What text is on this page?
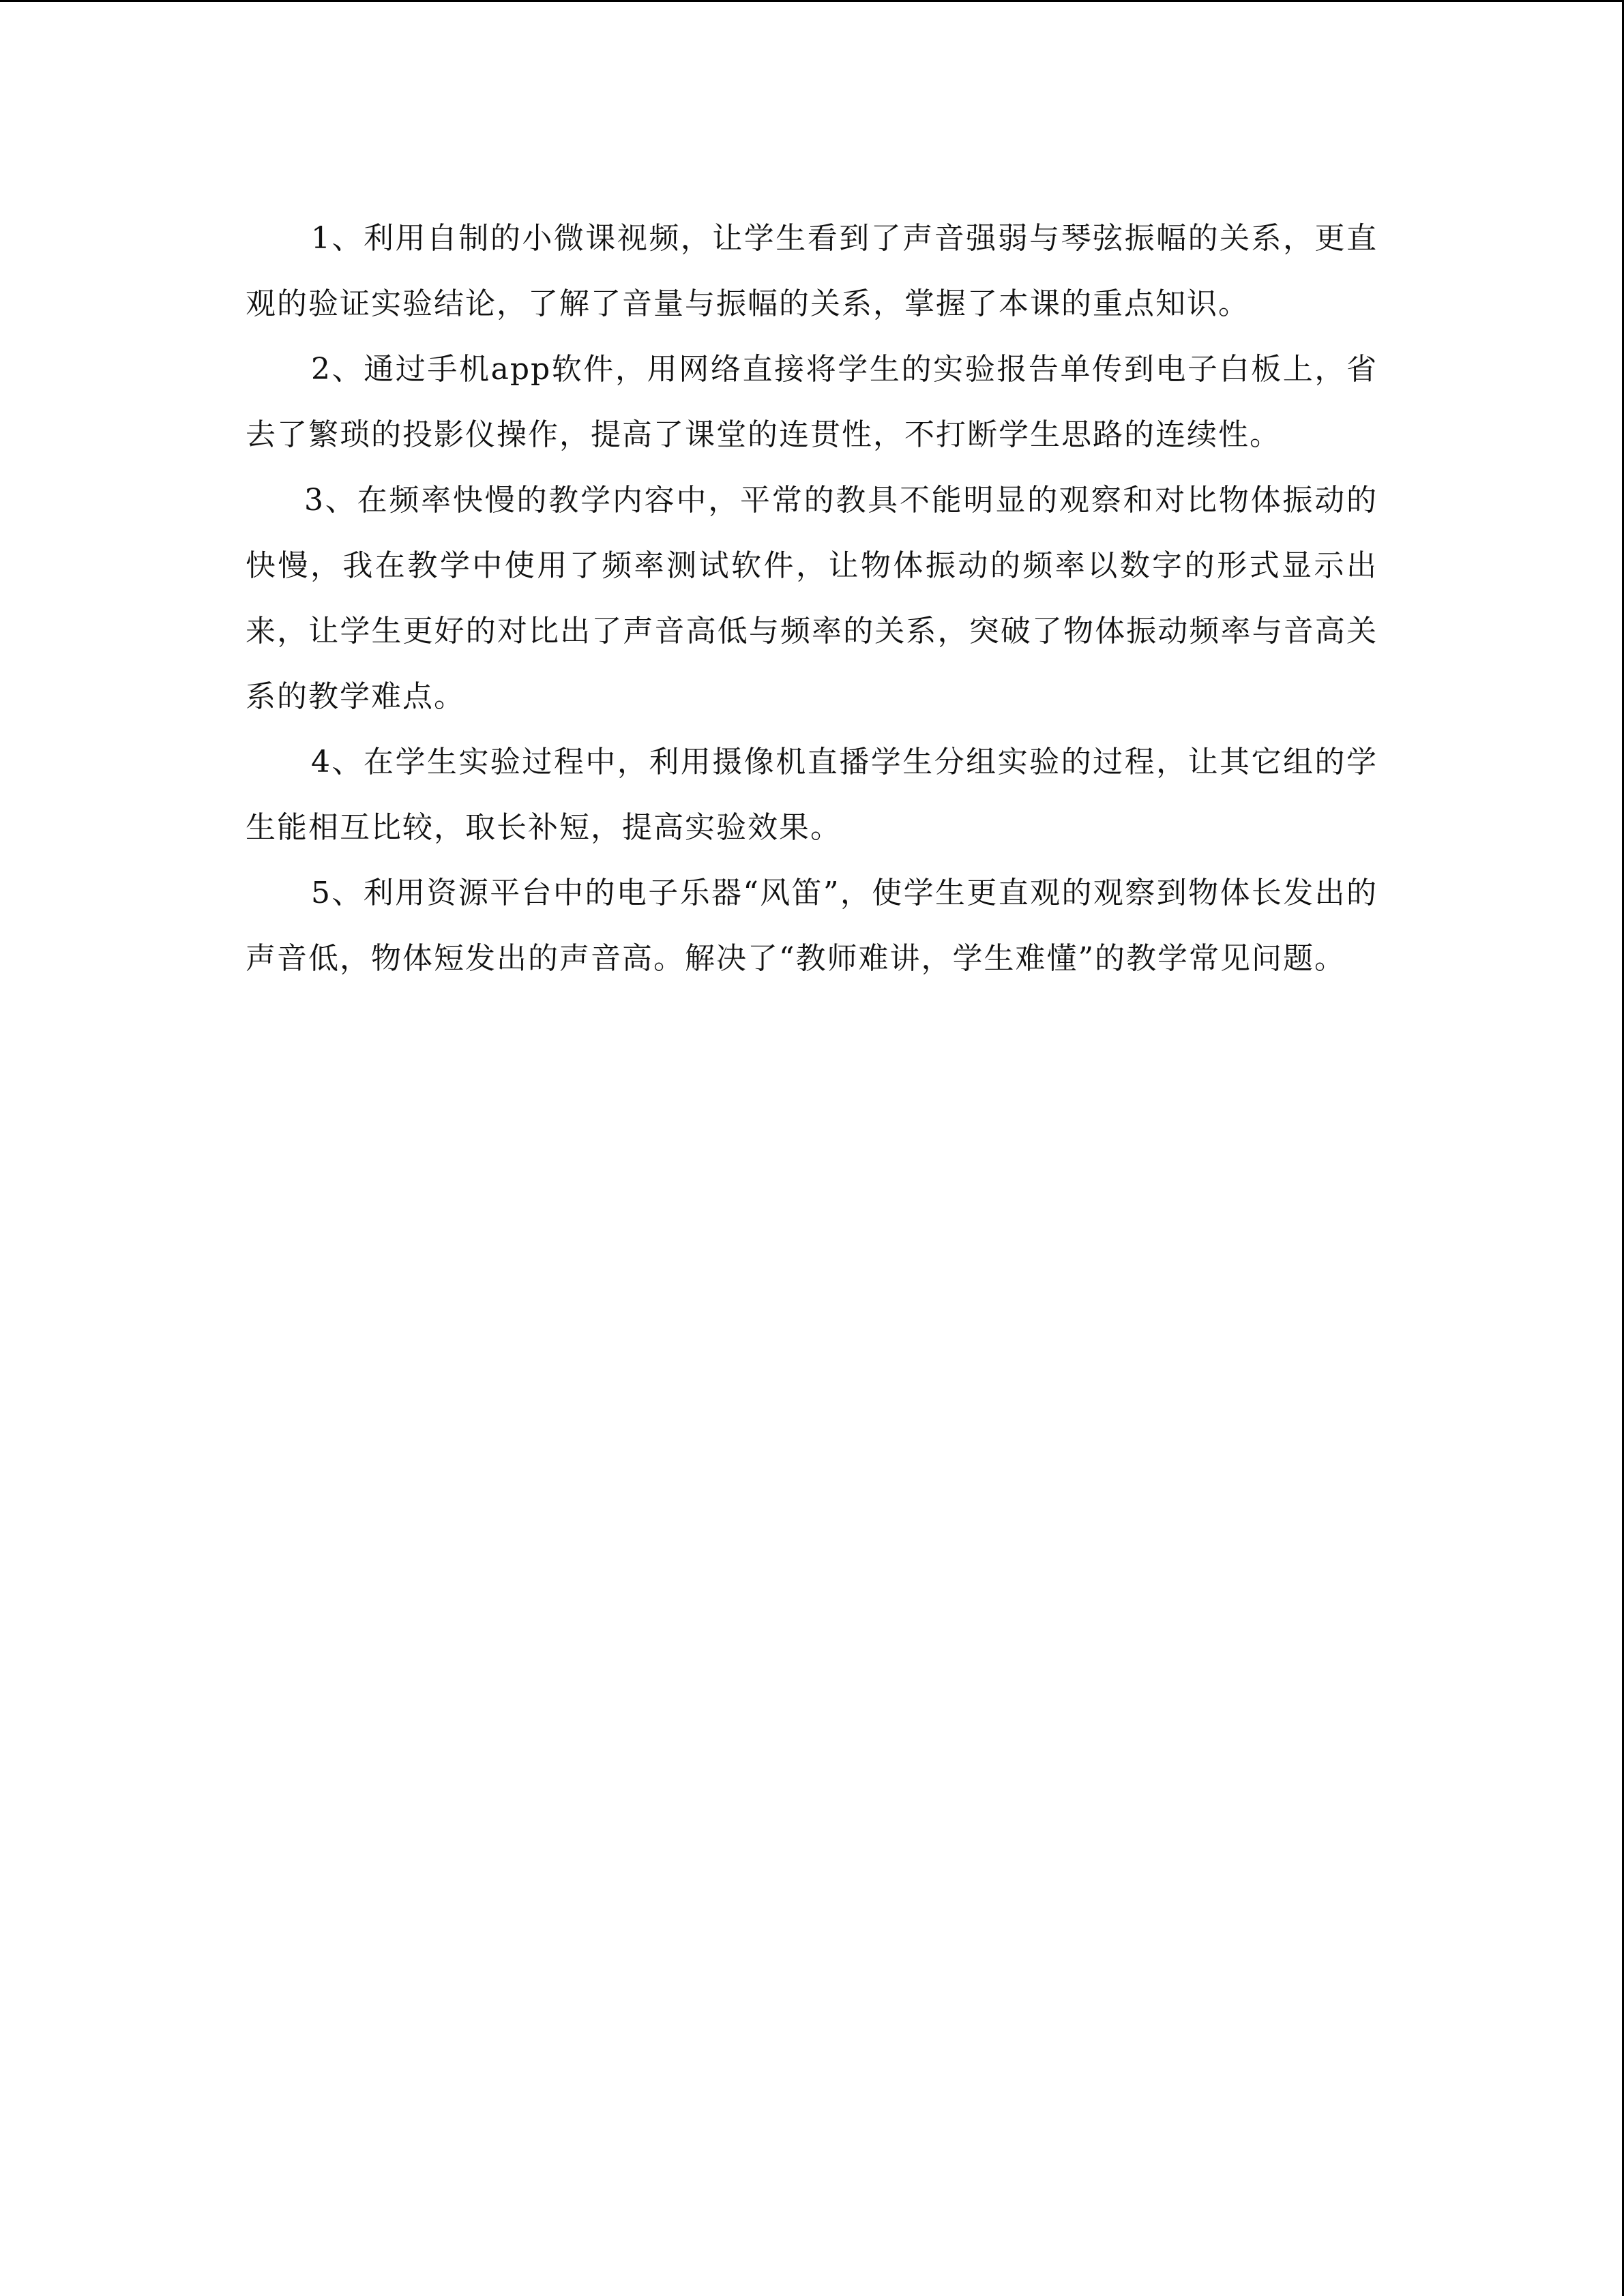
1、利用自制的小微课视频，让学生看到了声音强弱与琴弦振幅的关系，更直观的验证实验结论，了解了音量与振幅的关系，掌握了本课的重点知识。

2、通过手机app软件，用网络直接将学生的实验报告单传到电子白板上，省去了繁琐的投影仪操作，提高了课堂的连贯性，不打断学生思路的连续性。

3、在频率快慢的教学内容中，平常的教具不能明显的观察和对比物体振动的快慢，我在教学中使用了频率测试软件，让物体振动的频率以数字的形式显示出来，让学生更好的对比出了声音高低与频率的关系，突破了物体振动频率与音高关系的教学难点。

4、在学生实验过程中，利用摄像机直播学生分组实验的过程，让其它组的学生能相互比较，取长补短，提高实验效果。

5、利用资源平台中的电子乐器“风笛”，使学生更直观的观察到物体长发出的声音低，物体短发出的声音高。解决了“教师难讲，学生难懂”的教学常见问题。
